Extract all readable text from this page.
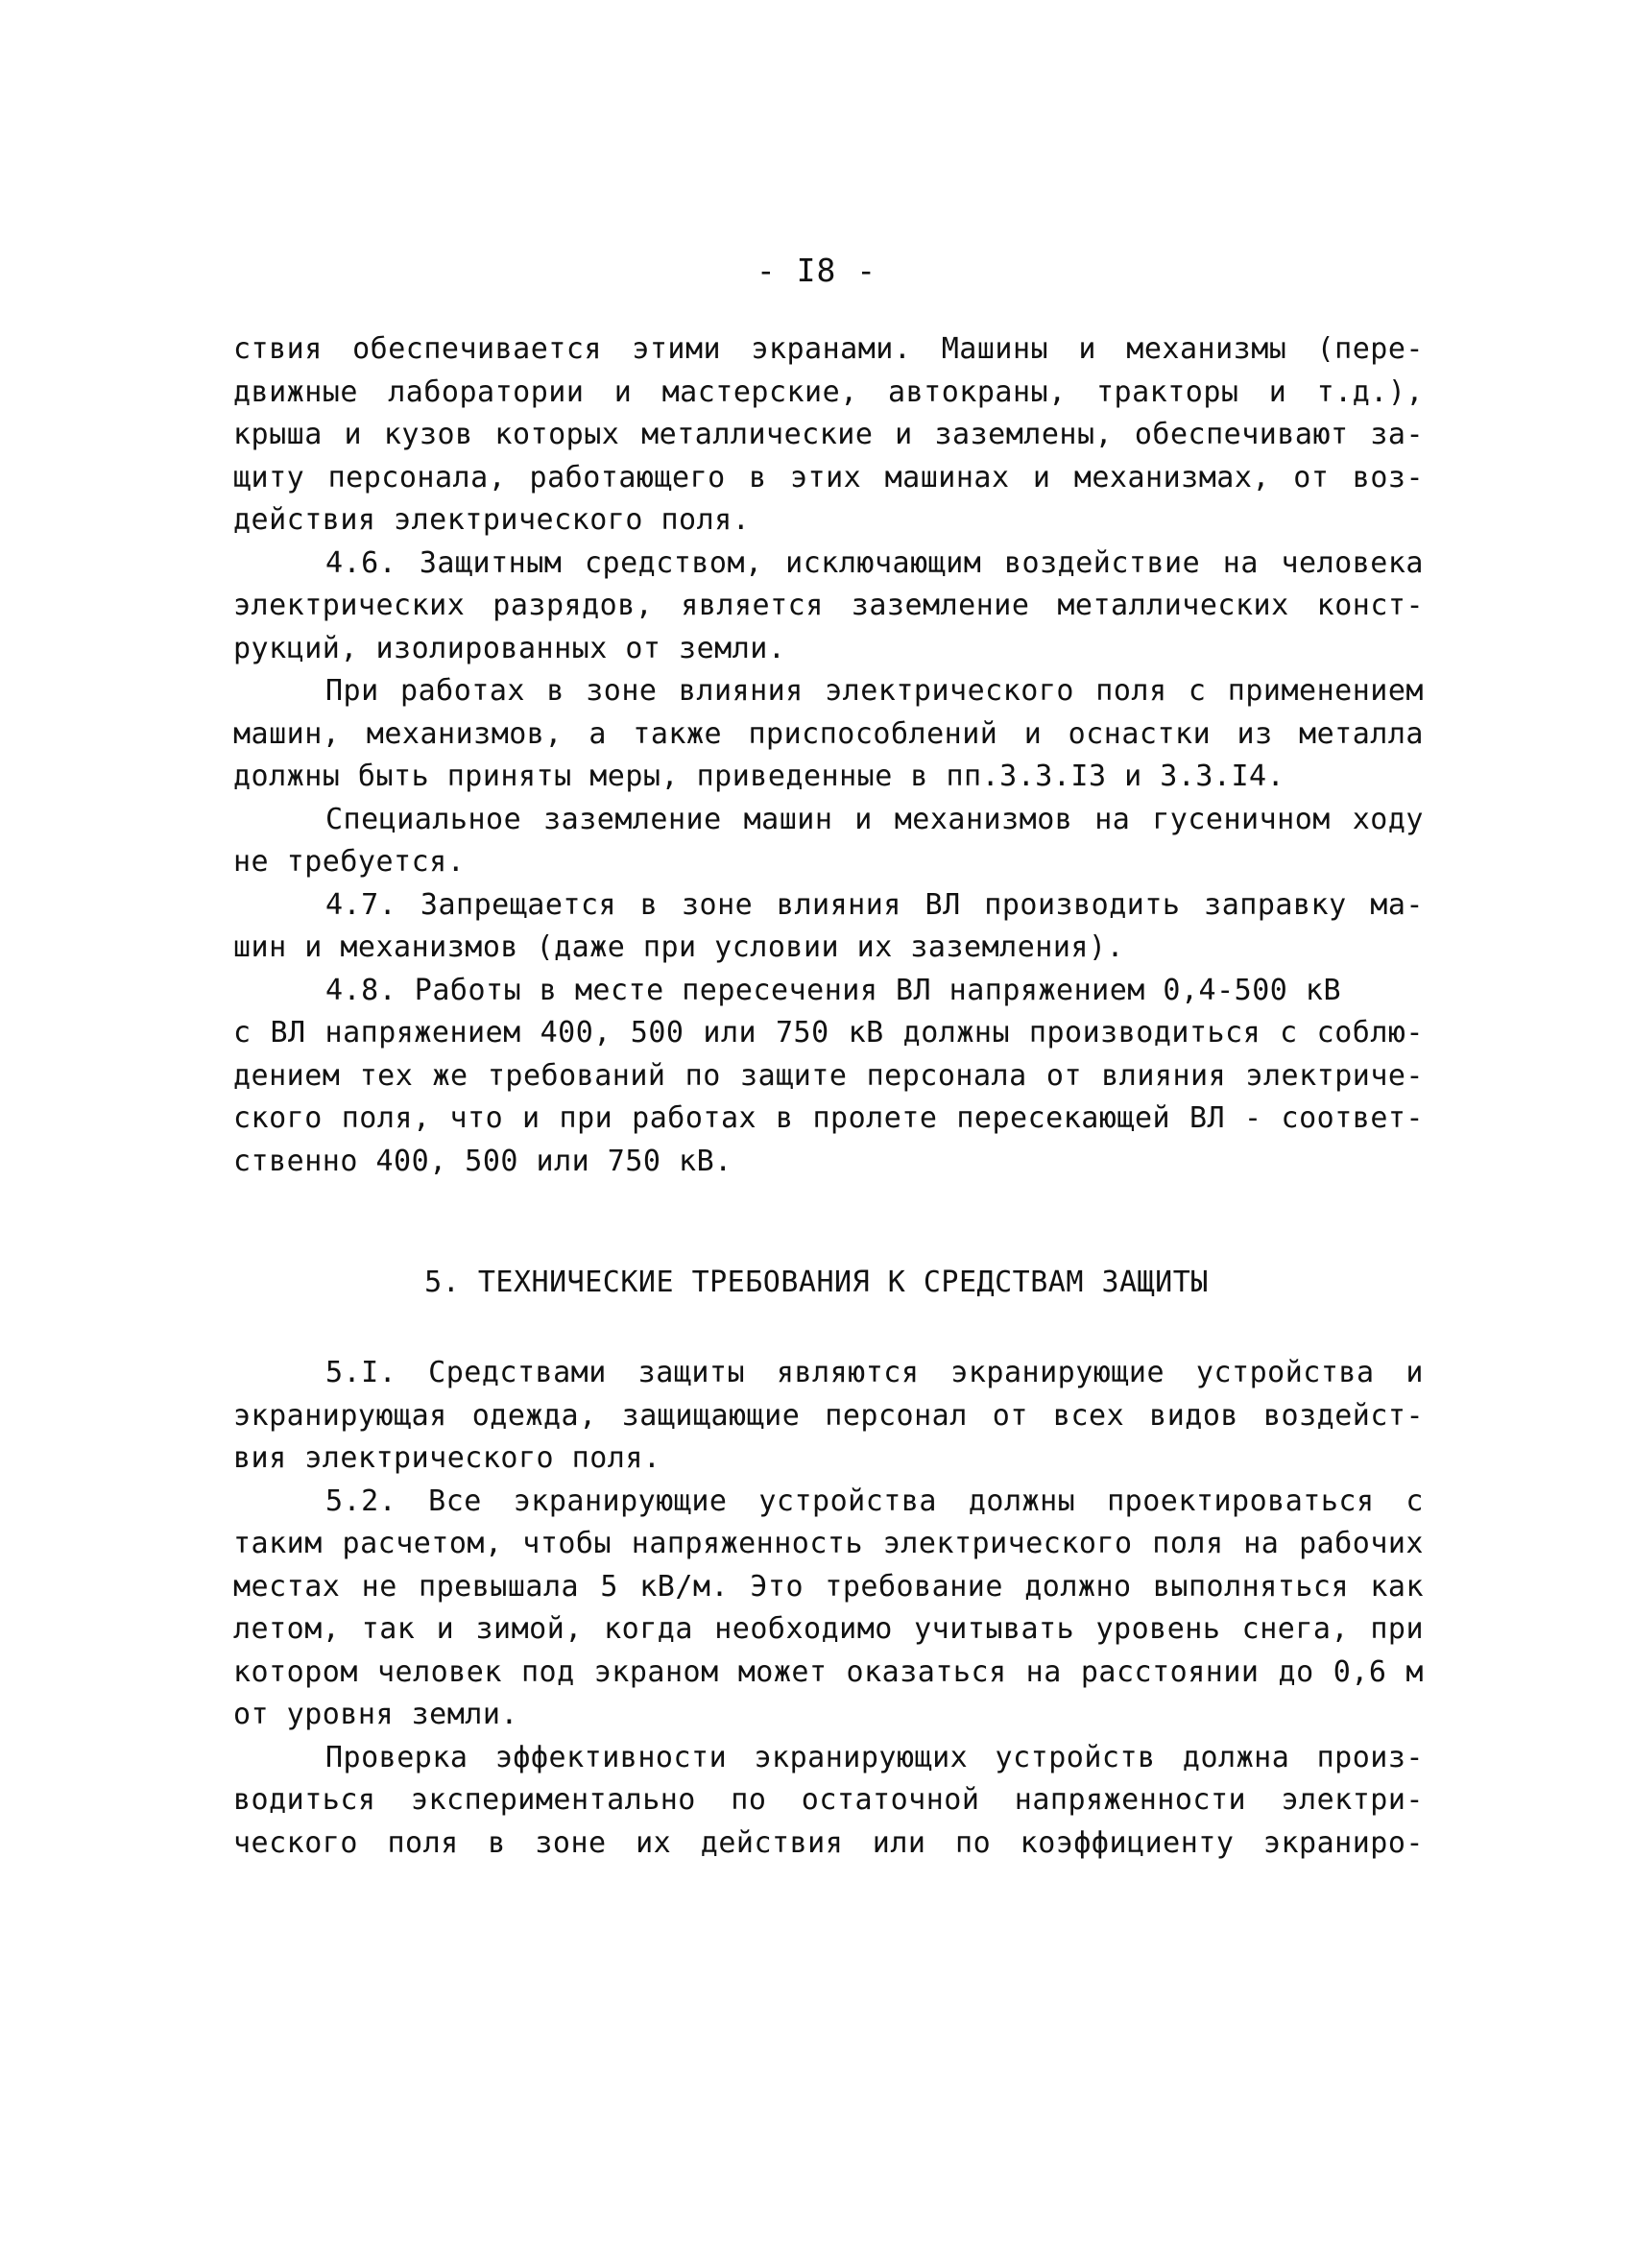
- I8 -
ствия обеспечивается этими экранами. Машины и механизмы (пере-
движные лаборатории и мастерские, автокраны, тракторы и т.д.),
крыша и кузов которых металлические и заземлены, обеспечивают за-
щиту персонала, работающего в этих машинах и механизмах, от воз-
действия электрического поля.
4.6. Защитным средством, исключающим воздействие на человека
электрических разрядов, является заземление металлических конст-
рукций, изолированных от земли.
При работах в зоне влияния электрического поля с применением
машин, механизмов, а также приспособлений и оснастки из металла
должны быть приняты меры, приведенные в пп.3.3.I3 и 3.3.I4.
Специальное заземление машин и механизмов на гусеничном ходу
не требуется.
4.7. Запрещается в зоне влияния ВЛ производить заправку ма-
шин и механизмов (даже при условии их заземления).
4.8. Работы в месте пересечения ВЛ напряжением 0,4-500 кВ
с ВЛ напряжением 400, 500 или 750 кВ должны производиться с соблю-
дением тех же требований по защите персонала от влияния электриче-
ского поля, что и при работах в пролете пересекающей ВЛ - соответ-
ственно 400, 500 или 750 кВ.
5. ТЕХНИЧЕСКИЕ ТРЕБОВАНИЯ К СРЕДСТВАМ ЗАЩИТЫ
5.I. Средствами защиты являются экранирующие устройства и
экранирующая одежда, защищающие персонал от всех видов воздейст-
вия электрического поля.
5.2. Все экранирующие устройства должны проектироваться с
таким расчетом, чтобы напряженность электрического поля на рабочих
местах не превышала 5 кВ/м. Это требование должно выполняться как
летом, так и зимой, когда необходимо учитывать уровень снега, при
котором человек под экраном может оказаться на расстоянии до 0,6 м
от уровня земли.
Проверка эффективности экранирующих устройств должна произ-
водиться экспериментально по остаточной напряженности электри-
ческого поля в зоне их действия или по коэффициенту экраниро-
